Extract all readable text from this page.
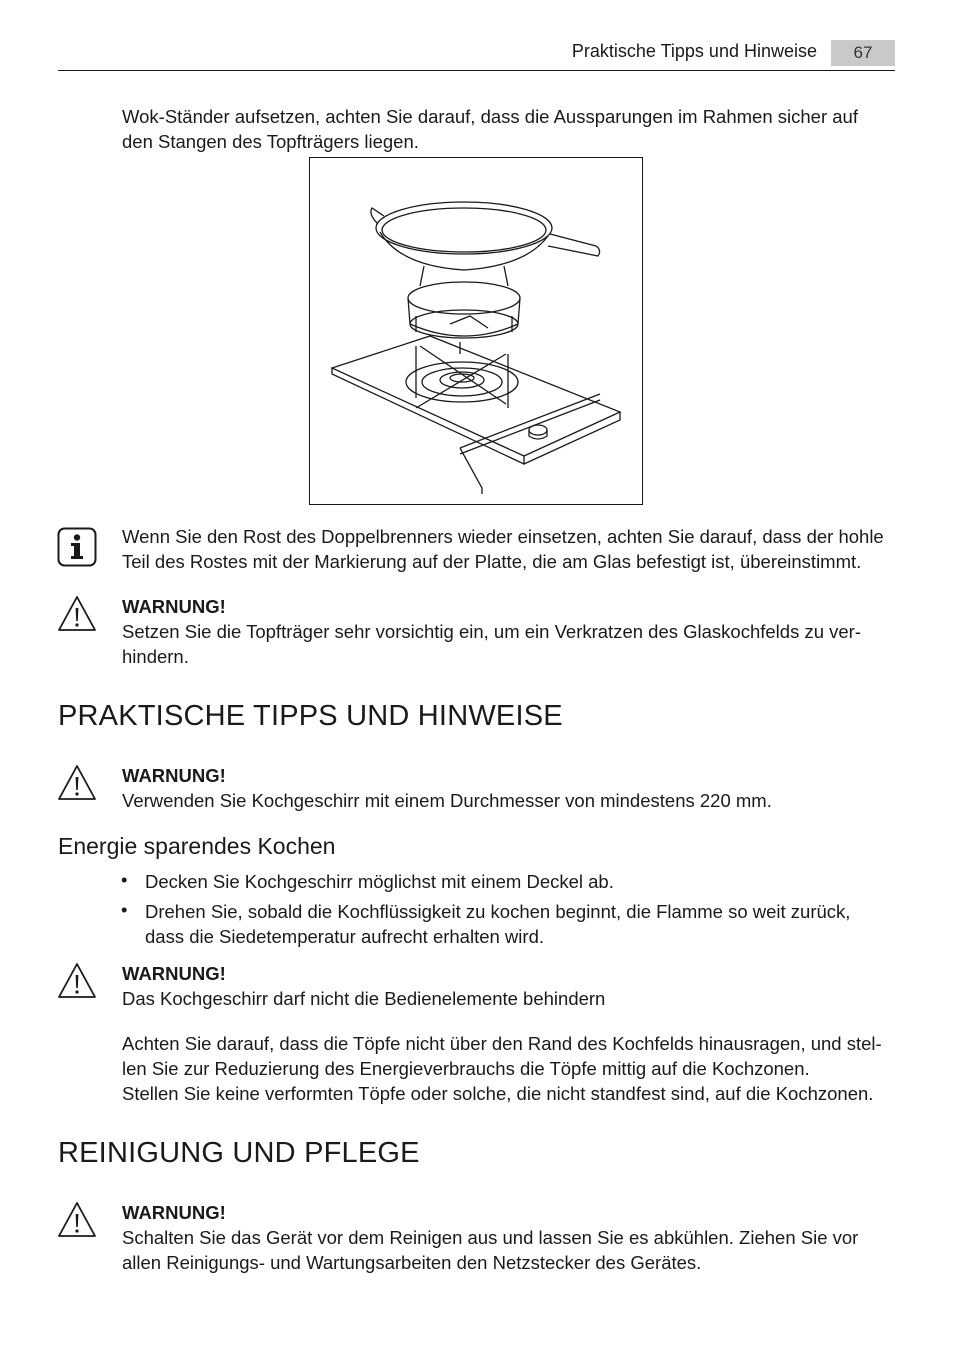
Praktische Tipps und Hinweise	67
Wok-Ständer aufsetzen, achten Sie darauf, dass die Aussparungen im Rahmen sicher auf
den Stangen des Topfträgers liegen.
Wenn Sie den Rost des Doppelbrenners wieder einsetzen, achten Sie darauf, dass der hohle
Teil des Rostes mit der Markierung auf der Platte, die am Glas befestigt ist, übereinstimmt.
WARNUNG!
Setzen Sie die Topfträger sehr vorsichtig ein, um ein Verkratzen des Glaskochfelds zu ver-
hindern.
PRAKTISCHE TIPPS UND HINWEISE
WARNUNG!
Verwenden Sie Kochgeschirr mit einem Durchmesser von mindestens 220 mm.
Energie sparendes Kochen
• Decken Sie Kochgeschirr möglichst mit einem Deckel ab.
• Drehen Sie, sobald die Kochflüssigkeit zu kochen beginnt, die Flamme so weit zurück,
dass die Siedetemperatur aufrecht erhalten wird.
WARNUNG!
Das Kochgeschirr darf nicht die Bedienelemente behindern
Achten Sie darauf, dass die Töpfe nicht über den Rand des Kochfelds hinausragen, und stel-
len Sie zur Reduzierung des Energieverbrauchs die Töpfe mittig auf die Kochzonen.
Stellen Sie keine verformten Töpfe oder solche, die nicht standfest sind, auf die Kochzonen.
REINIGUNG UND PFLEGE
WARNUNG!
Schalten Sie das Gerät vor dem Reinigen aus und lassen Sie es abkühlen. Ziehen Sie vor
allen Reinigungs- und Wartungsarbeiten den Netzstecker des Gerätes.
